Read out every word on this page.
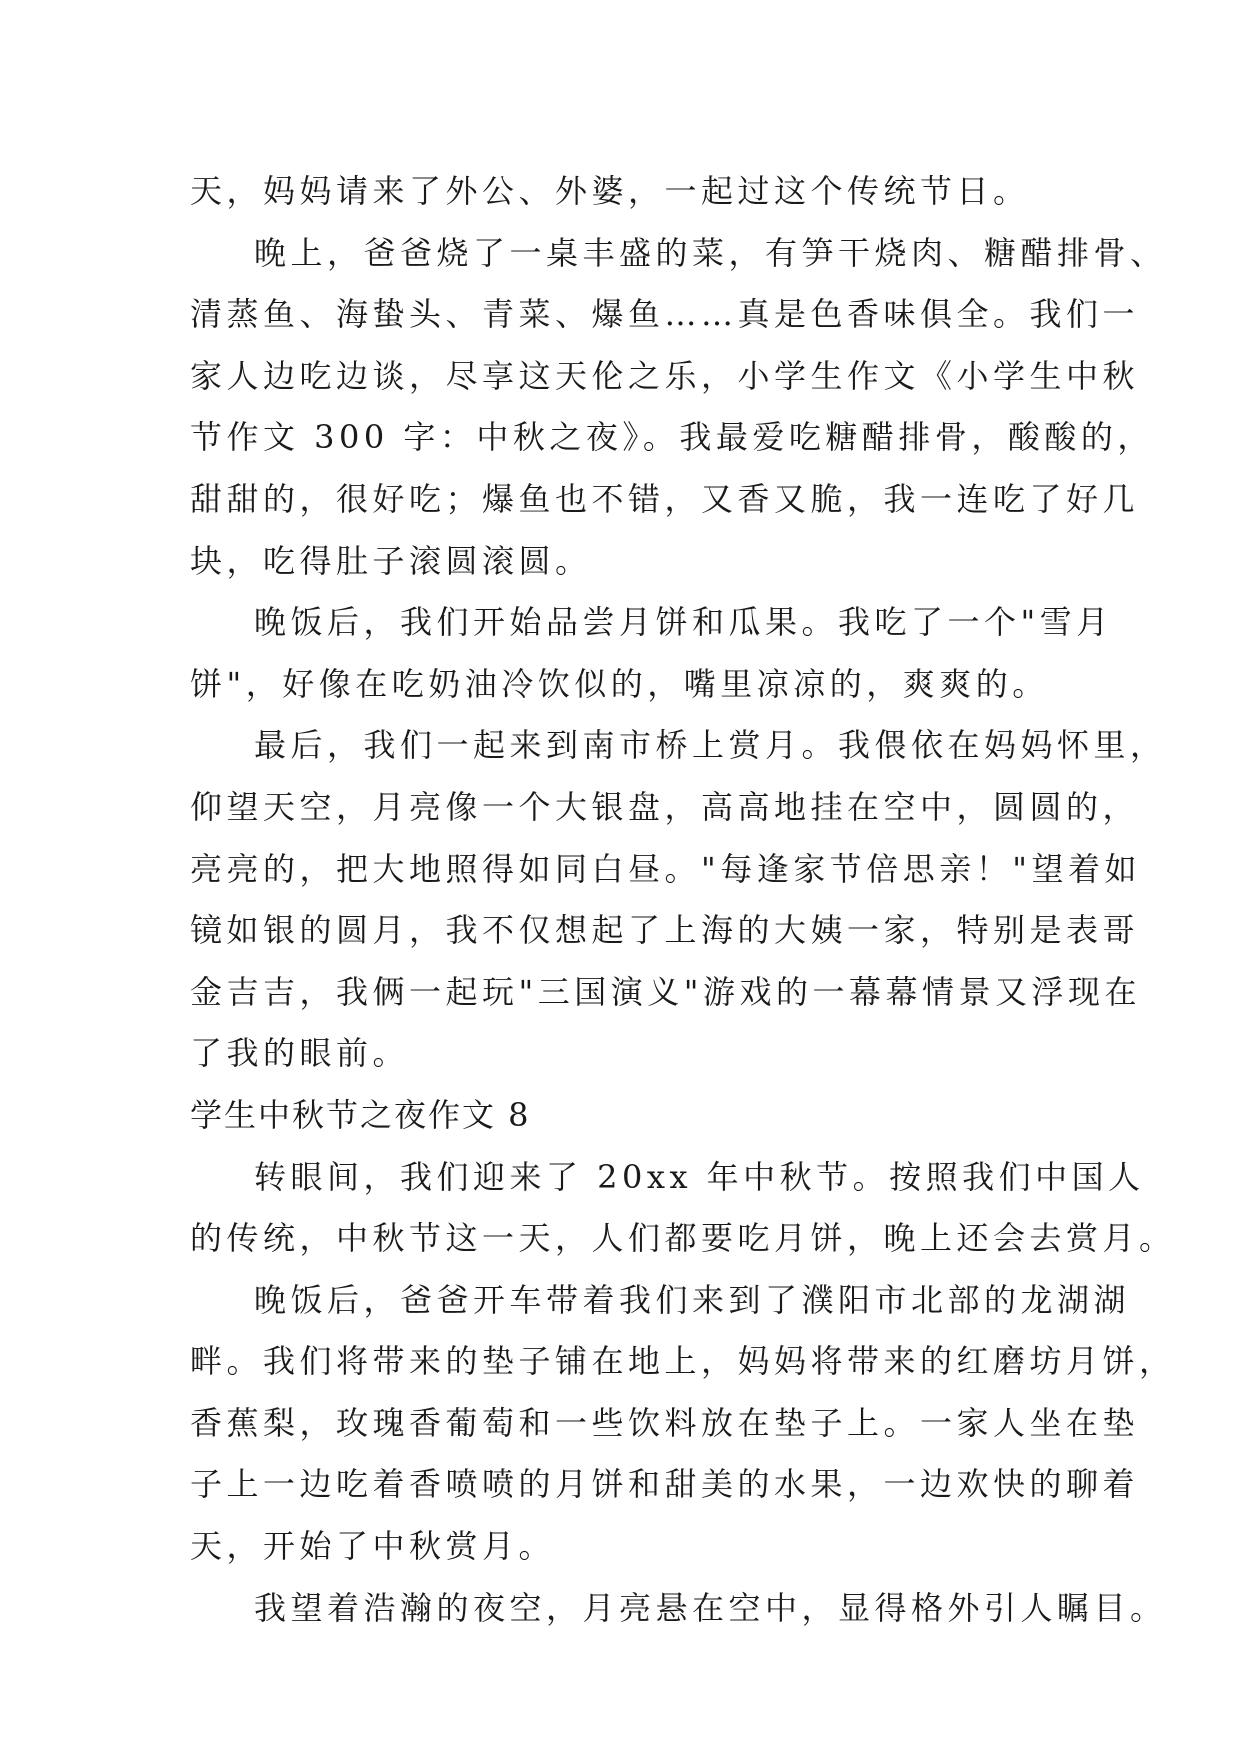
天，妈妈请来了外公、外婆，一起过这个传统节日。
晚上，爸爸烧了一桌丰盛的菜，有笋干烧肉、糖醋排骨、
清蒸鱼、海蛰头、青菜、爆鱼……真是色香味俱全。我们一
家人边吃边谈，尽享这天伦之乐，小学生作文《小学生中秋
节作文 300 字：中秋之夜》。我最爱吃糖醋排骨，酸酸的，
甜甜的，很好吃；爆鱼也不错，又香又脆，我一连吃了好几
块，吃得肚子滚圆滚圆。
晚饭后，我们开始品尝月饼和瓜果。我吃了一个"雪月
饼"，好像在吃奶油冷饮似的，嘴里凉凉的，爽爽的。
最后，我们一起来到南市桥上赏月。我偎依在妈妈怀里，
仰望天空，月亮像一个大银盘，高高地挂在空中，圆圆的，
亮亮的，把大地照得如同白昼。"每逢家节倍思亲！"望着如
镜如银的圆月，我不仅想起了上海的大姨一家，特别是表哥
金吉吉，我俩一起玩"三国演义"游戏的一幕幕情景又浮现在
了我的眼前。
学生中秋节之夜作文 8
转眼间，我们迎来了 20xx 年中秋节。按照我们中国人
的传统，中秋节这一天，人们都要吃月饼，晚上还会去赏月。
晚饭后，爸爸开车带着我们来到了濮阳市北部的龙湖湖
畔。我们将带来的垫子铺在地上，妈妈将带来的红磨坊月饼，
香蕉梨，玫瑰香葡萄和一些饮料放在垫子上。一家人坐在垫
子上一边吃着香喷喷的月饼和甜美的水果，一边欢快的聊着
天，开始了中秋赏月。
我望着浩瀚的夜空，月亮悬在空中，显得格外引人瞩目。
